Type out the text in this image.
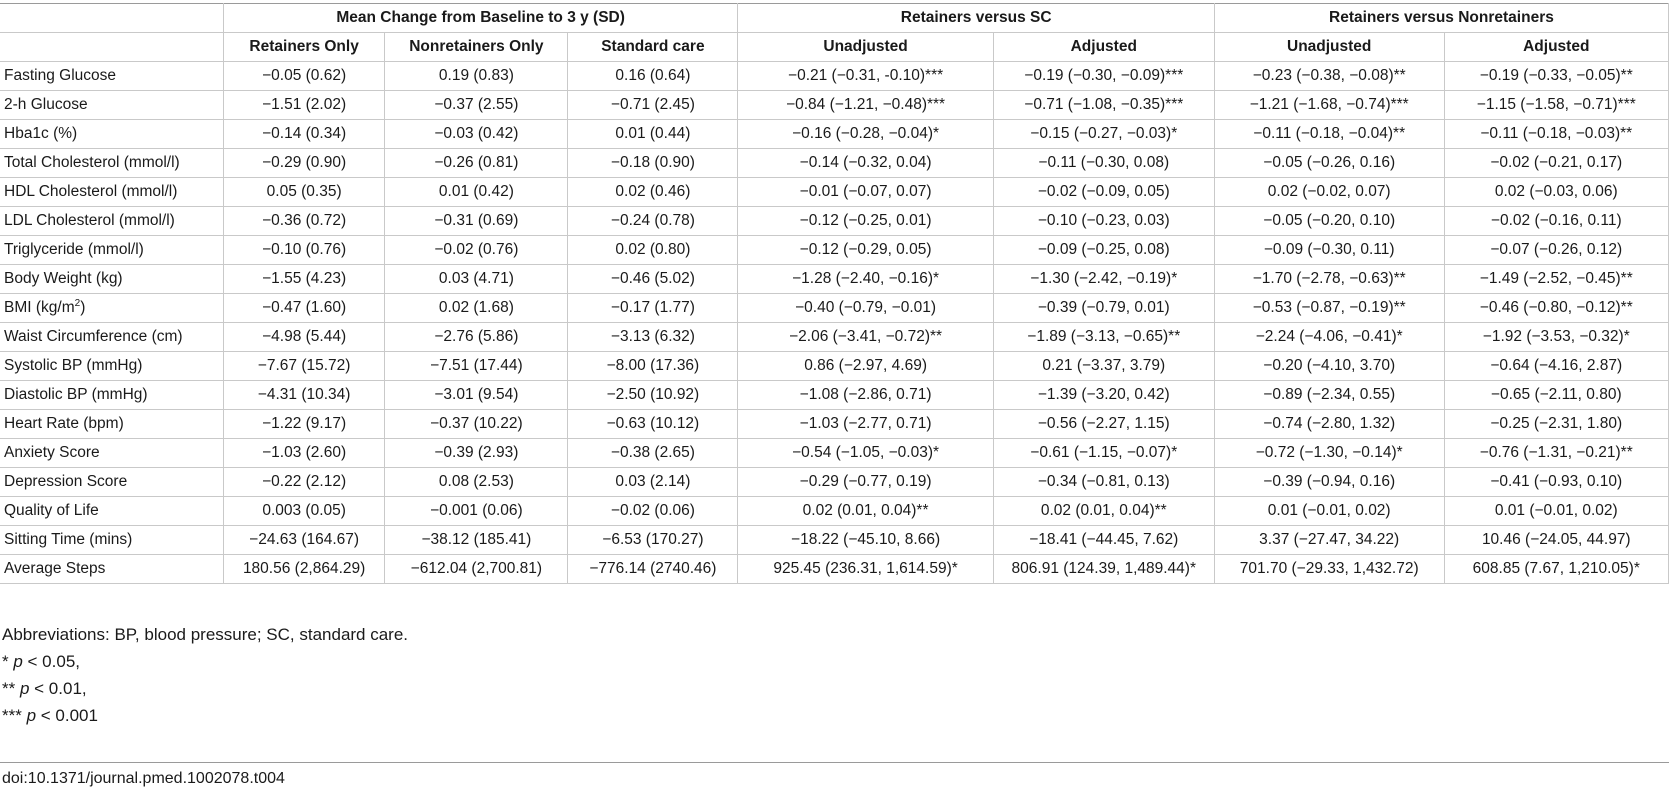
	Mean Change from Baseline to 3 y (SD)			Retainers versus SC		Retainers versus Nonretainers	
	Retainers Only	Nonretainers Only	Standard care	Unadjusted	Adjusted	Unadjusted	Adjusted
Fasting Glucose	−0.05 (0.62)	0.19 (0.83)	0.16 (0.64)	−0.21 (−0.31, -0.10)***	−0.19 (−0.30, −0.09)***	−0.23 (−0.38, −0.08)**	−0.19 (−0.33, −0.05)**
2-h Glucose	−1.51 (2.02)	−0.37 (2.55)	−0.71 (2.45)	−0.84 (−1.21, −0.48)***	−0.71 (−1.08, −0.35)***	−1.21 (−1.68, −0.74)***	−1.15 (−1.58, −0.71)***
Hba1c (%)	−0.14 (0.34)	−0.03 (0.42)	0.01 (0.44)	−0.16 (−0.28, −0.04)*	−0.15 (−0.27, −0.03)*	−0.11 (−0.18, −0.04)**	−0.11 (−0.18, −0.03)**
Total Cholesterol (mmol/l)	−0.29 (0.90)	−0.26 (0.81)	−0.18 (0.90)	−0.14 (−0.32, 0.04)	−0.11 (−0.30, 0.08)	−0.05 (−0.26, 0.16)	−0.02 (−0.21, 0.17)
HDL Cholesterol (mmol/l)	0.05 (0.35)	0.01 (0.42)	0.02 (0.46)	−0.01 (−0.07, 0.07)	−0.02 (−0.09, 0.05)	0.02 (−0.02, 0.07)	0.02 (−0.03, 0.06)
LDL Cholesterol (mmol/l)	−0.36 (0.72)	−0.31 (0.69)	−0.24 (0.78)	−0.12 (−0.25, 0.01)	−0.10 (−0.23, 0.03)	−0.05 (−0.20, 0.10)	−0.02 (−0.16, 0.11)
Triglyceride (mmol/l)	−0.10 (0.76)	−0.02 (0.76)	0.02 (0.80)	−0.12 (−0.29, 0.05)	−0.09 (−0.25, 0.08)	−0.09 (−0.30, 0.11)	−0.07 (−0.26, 0.12)
Body Weight (kg)	−1.55 (4.23)	0.03 (4.71)	−0.46 (5.02)	−1.28 (−2.40, −0.16)*	−1.30 (−2.42, −0.19)*	−1.70 (−2.78, −0.63)**	−1.49 (−2.52, −0.45)**
BMI $(kg/m^2)$	−0.47 (1.60)	0.02 (1.68)	−0.17 (1.77)	−0.40 (−0.79, −0.01)	−0.39 (−0.79, 0.01)	−0.53 (−0.87, −0.19)**	−0.46 (−0.80, −0.12)**
Waist Circumference (cm)	−4.98 (5.44)	−2.76 (5.86)	−3.13 (6.32)	−2.06 (−3.41, −0.72)**	−1.89 (−3.13, −0.65)**	−2.24 (−4.06, −0.41)*	−1.92 (−3.53, −0.32)*
Systolic BP (mmHg)	−7.67 (15.72)	−7.51 (17.44)	−8.00 (17.36)	0.86 (−2.97, 4.69)	0.21 (−3.37, 3.79)	−0.20 (−4.10, 3.70)	−0.64 (−4.16, 2.87)
Diastolic BP (mmHg)	−4.31 (10.34)	−3.01 (9.54)	−2.50 (10.92)	−1.08 (−2.86, 0.71)	−1.39 (−3.20, 0.42)	−0.89 (−2.34, 0.55)	−0.65 (−2.11, 0.80)
Heart Rate (bpm)	−1.22 (9.17)	−0.37 (10.22)	−0.63 (10.12)	−1.03 (−2.77, 0.71)	−0.56 (−2.27, 1.15)	−0.74 (−2.80, 1.32)	−0.25 (−2.31, 1.80)
Anxiety Score	−1.03 (2.60)	−0.39 (2.93)	−0.38 (2.65)	−0.54 (−1.05, −0.03)*	−0.61 (−1.15, −0.07)*	−0.72 (−1.30, −0.14)*	−0.76 (−1.31, −0.21)**
Depression Score	−0.22 (2.12)	0.08 (2.53)	0.03 (2.14)	−0.29 (−0.77, 0.19)	−0.34 (−0.81, 0.13)	−0.39 (−0.94, 0.16)	−0.41 (−0.93, 0.10)
Quality of Life	0.003 (0.05)	−0.001 (0.06)	−0.02 (0.06)	0.02 (0.01, 0.04)**	0.02 (0.01, 0.04)**	0.01 (−0.01, 0.02)	0.01 (−0.01, 0.02)
Sitting Time (mins)	−24.63 (164.67)	−38.12 (185.41)	−6.53 (170.27)	−18.22 (−45.10, 8.66)	−18.41 (−44.45, 7.62)	3.37 (−27.47, 34.22)	10.46 (−24.05, 44.97)
Average Steps	180.56 (2,864.29)	−612.04 (2,700.81)	−776.14 (2740.46)	925.45 (236.31, 1,614.59)*	806.91 (124.39, 1,489.44)*	701.70 (−29.33, 1,432.72)	608.85 (7.67, 1,210.05)*
Abbreviations: BP, blood pressure; SC, standard care.
* p < 0.05,
** p < 0.01,
*** p < 0.001
doi:10.1371/journal.pmed.1002078.t004
